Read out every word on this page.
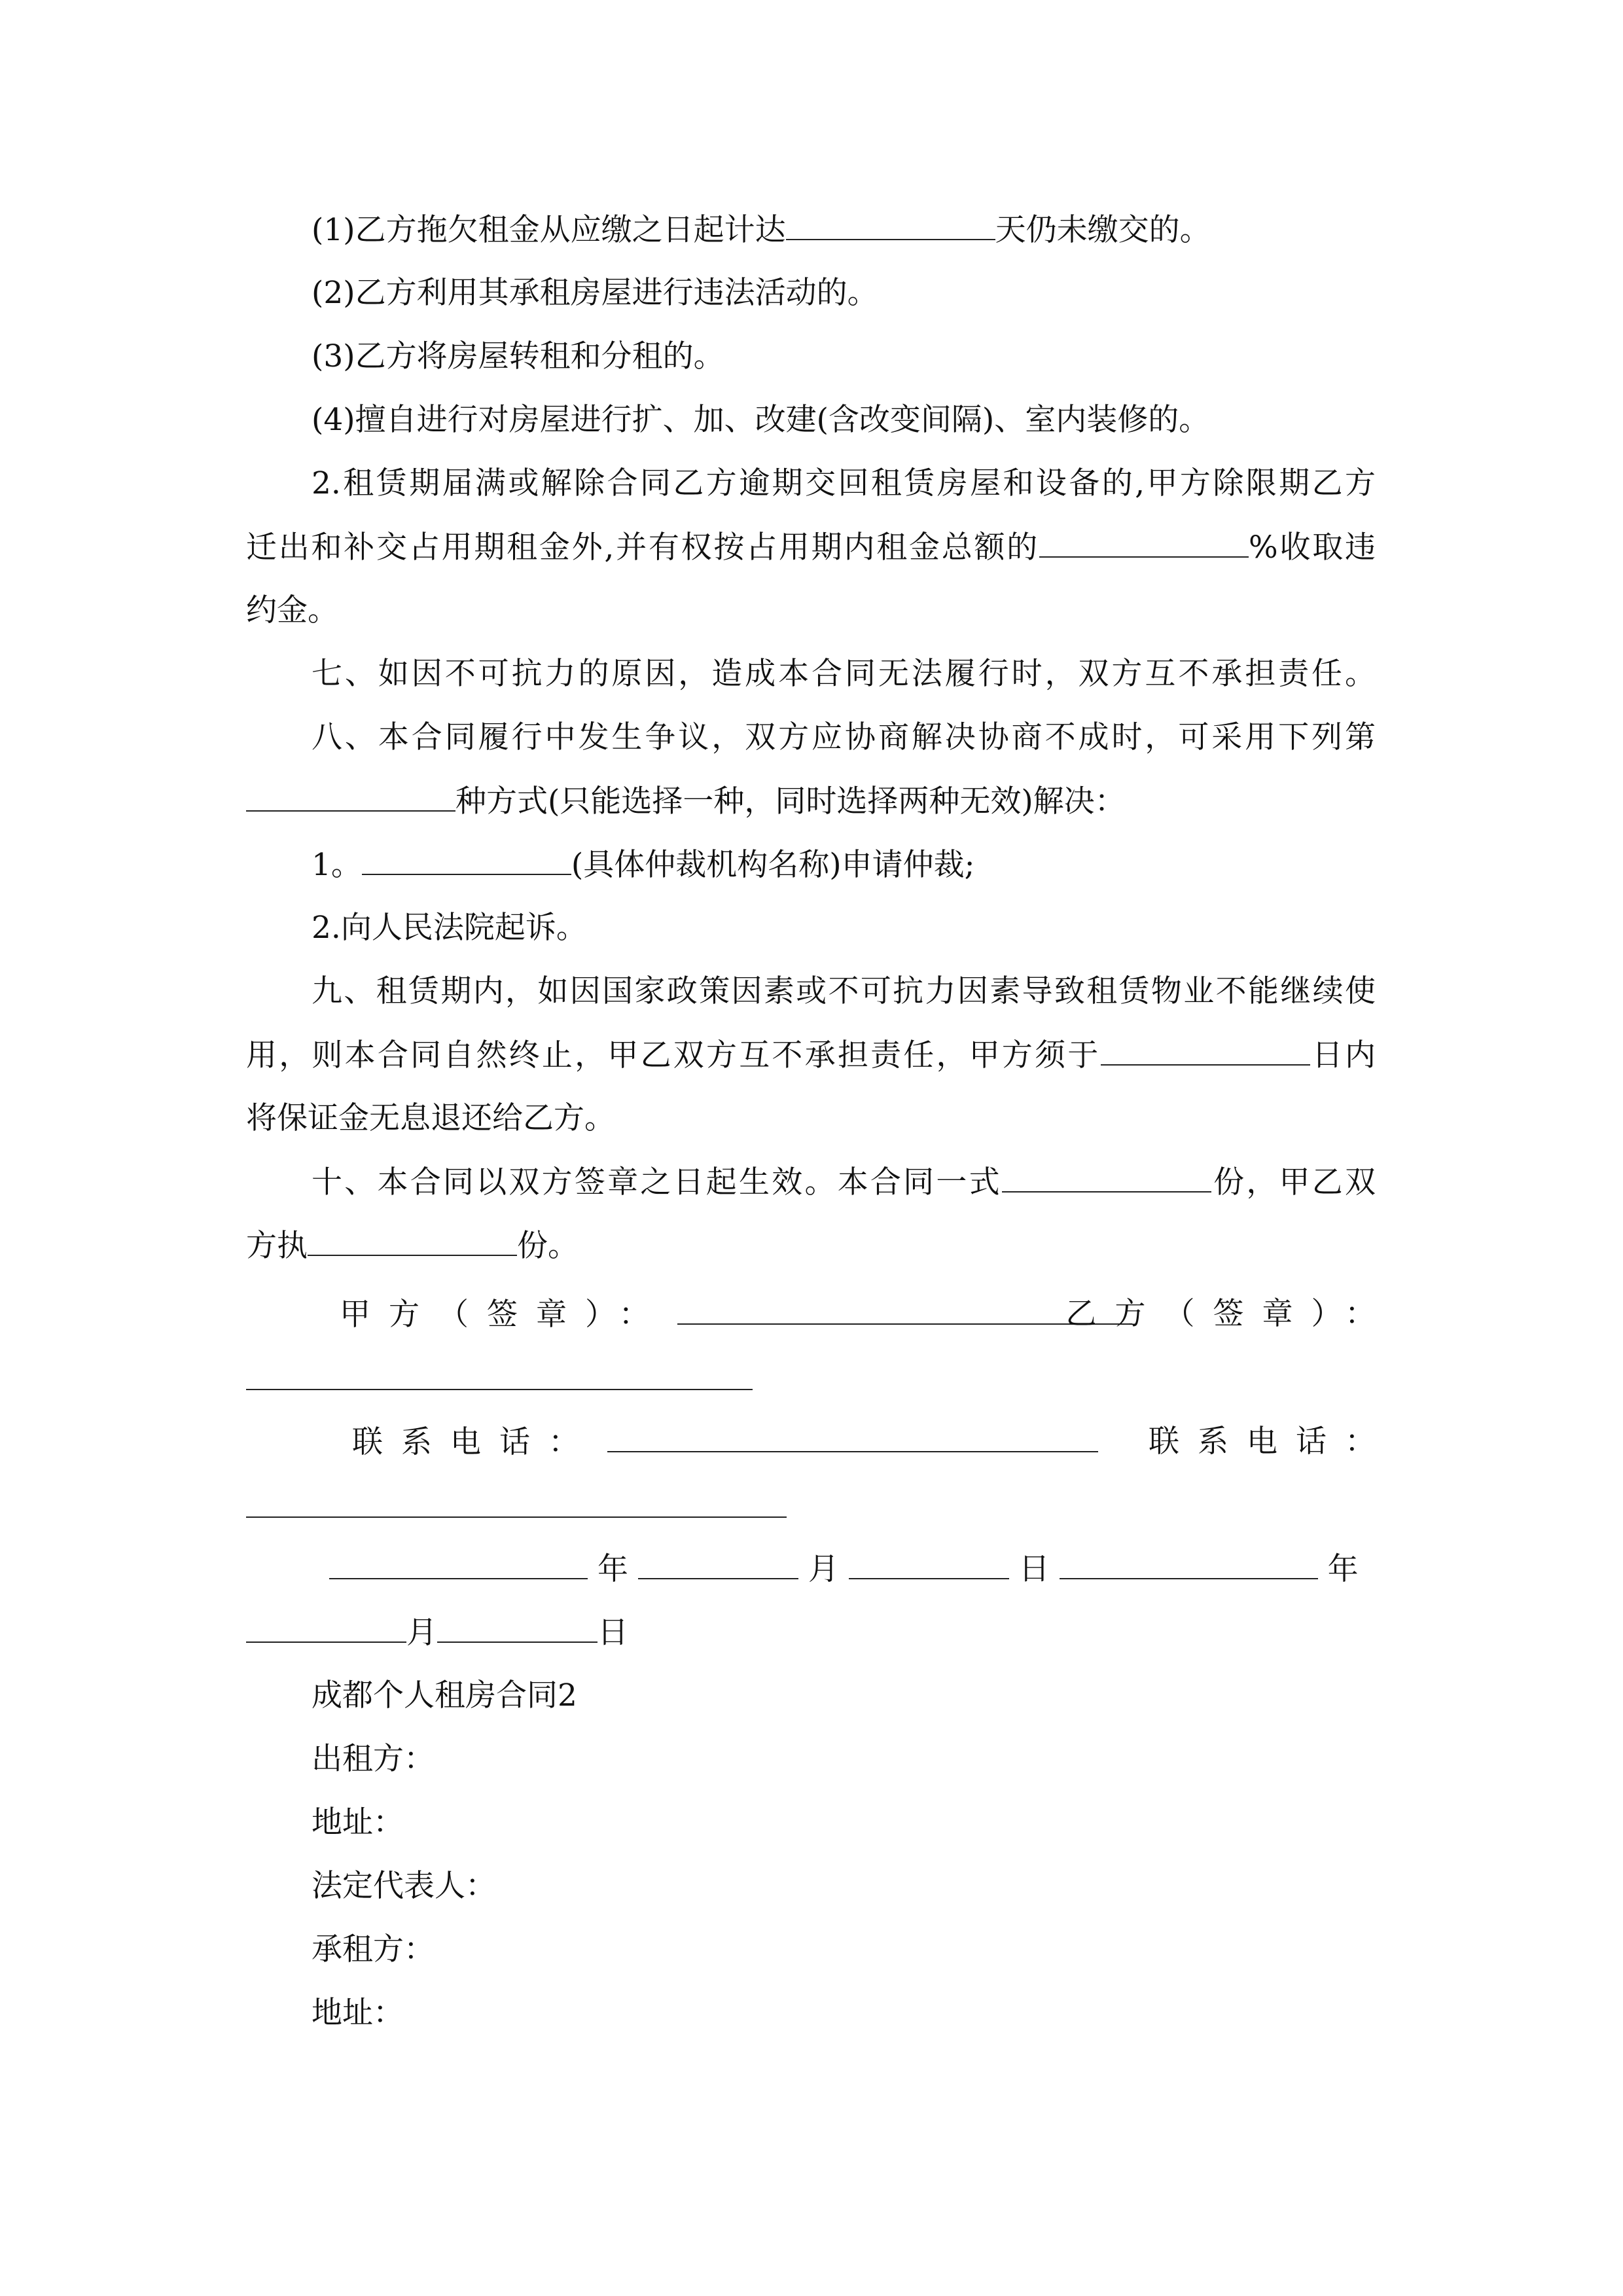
(1)乙方拖欠租金从应缴之日起计达	天仍未缴交的。
(2)乙方利用其承租房屋进行违法活动的。
(3)乙方将房屋转租和分租的。
(4)擅自进行对房屋进行扩、加、改建(含改变间隔)、室内装修的。
2.租赁期届满或解除合同乙方逾期交回租赁房屋和设备的,甲方除限期乙方
迁出和补交占用期租金外,并有权按占用期内租金总额的	%收取违
约金。
七、如因不可抗力的原因，造成本合同无法履行时，双方互不承担责任。
八、本合同履行中发生争议，双方应协商解决协商不成时，可采用下列第
种方式(只能选择一种，同时选择两种无效)解决：
1。	(具体仲裁机构名称)申请仲裁;
2.向人民法院起诉。
九、租赁期内，如因国家政策因素或不可抗力因素导致租赁物业不能继续使
用，则本合同自然终止，甲乙双方互不承担责任，甲方须于	日内
将保证金无息退还给乙方。
十、本合同以双方签章之日起生效。本合同一式	份，甲乙双
方执	份。
甲方（签章）：	乙方（签章）：
联系电话：	联系电话：
年	月	日	年
月	日
成都个人租房合同2
出租方：
地址：
法定代表人：
承租方：
地址：
